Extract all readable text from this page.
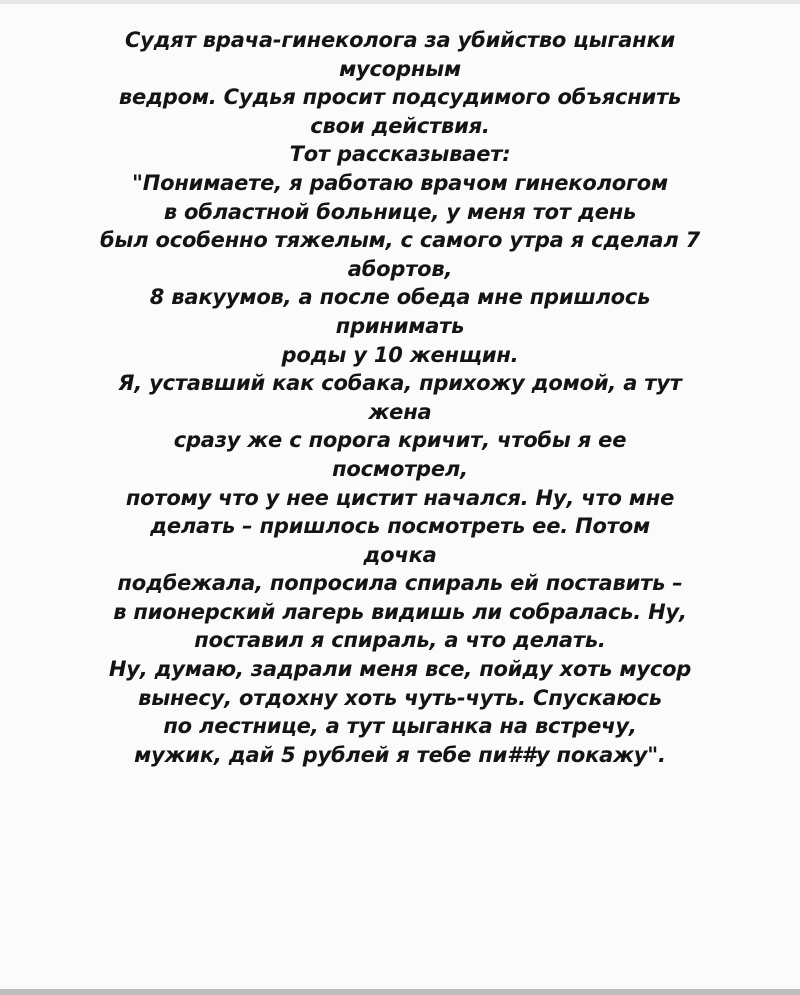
Судят врача-гинеколога за убийство цыганки
мусорным
ведром. Судья просит подсудимого объяснить
свои действия.
Тот рассказывает:
"Понимаете, я работаю врачом гинекологом
в областной больнице, у меня тот день
был особенно тяжелым, с самого утра я сделал 7
абортов,
8 вакуумов, а после обеда мне пришлось
принимать
роды у 10 женщин.
Я, уставший как собака, прихожу домой, а тут
жена
сразу же с порога кричит, чтобы я ее
посмотрел,
потому что у нее цистит начался. Ну, что мне
делать – пришлось посмотреть ее. Потом
дочка
подбежала, попросила спираль ей поставить –
в пионерский лагерь видишь ли собралась. Ну,
поставил я спираль, а что делать.
Ну, думаю, задрали меня все, пойду хоть мусор
вынесу, отдохну хоть чуть-чуть. Спускаюсь
по лестнице, а тут цыганка на встречу,
мужик, дай 5 рублей я тебе пи##у покажу".
